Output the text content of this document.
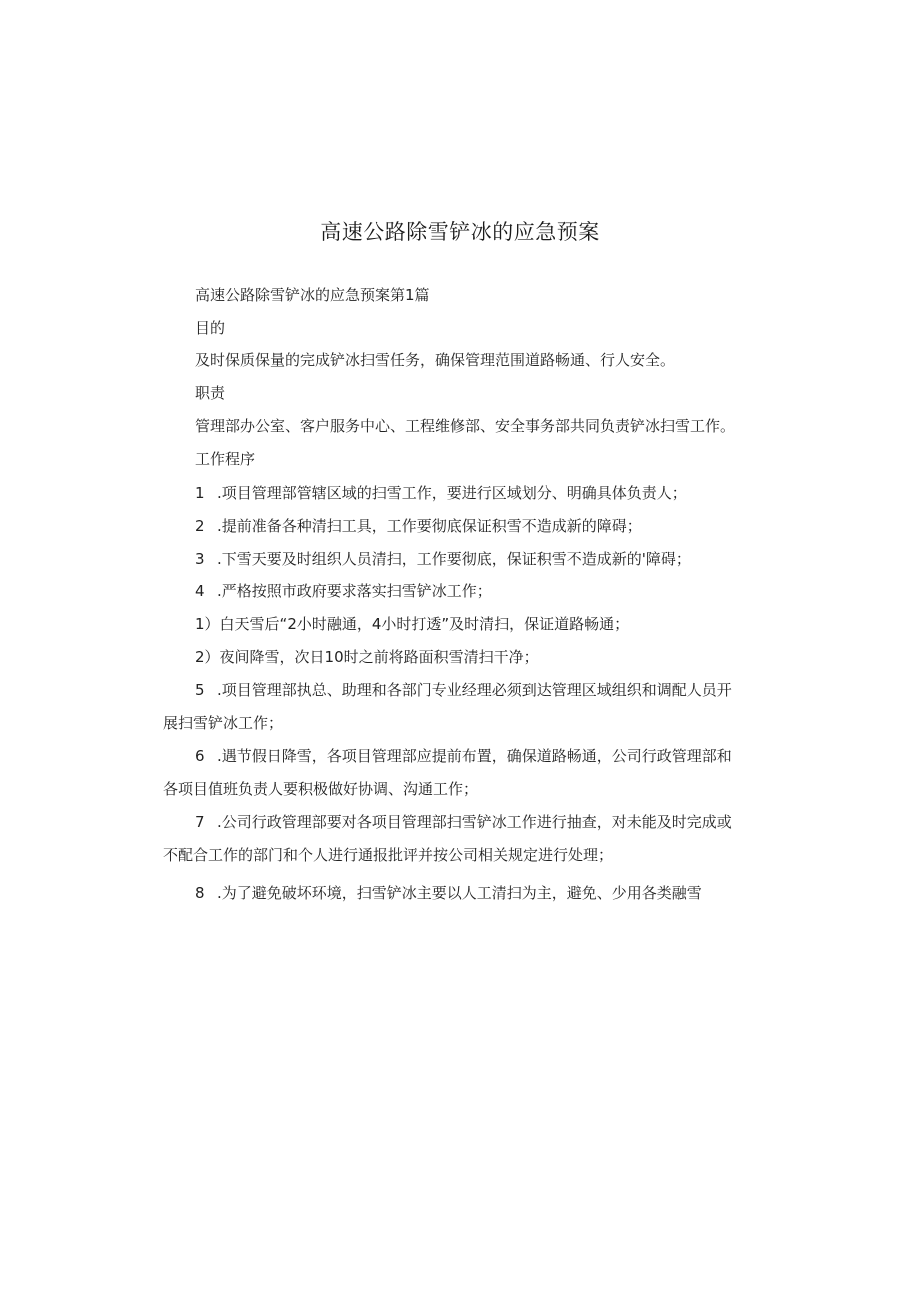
高速公路除雪铲冰的应急预案
高速公路除雪铲冰的应急预案第1篇
目的
及时保质保量的完成铲冰扫雪任务，确保管理范围道路畅通、行人安全。
职责
管理部办公室、客户服务中心、工程维修部、安全事务部共同负责铲冰扫雪工作。
工作程序
1 .项目管理部管辖区域的扫雪工作，要进行区域划分、明确具体负责人；
2 .提前准备各种清扫工具，工作要彻底保证积雪不造成新的障碍；
3 .下雪天要及时组织人员清扫，工作要彻底，保证积雪不造成新的'障碍；
4 .严格按照市政府要求落实扫雪铲冰工作；
1）白天雪后“2小时融通，4小时打透”及时清扫，保证道路畅通；
2）夜间降雪，次日10时之前将路面积雪清扫干净；
5 .项目管理部执总、助理和各部门专业经理必须到达管理区域组织和调配人员开
展扫雪铲冰工作；
6 .遇节假日降雪，各项目管理部应提前布置，确保道路畅通，公司行政管理部和
各项目值班负责人要积极做好协调、沟通工作；
7 .公司行政管理部要对各项目管理部扫雪铲冰工作进行抽查，对未能及时完成或
不配合工作的部门和个人进行通报批评并按公司相关规定进行处理；
8 .为了避免破坏环境，扫雪铲冰主要以人工清扫为主，避免、少用各类融雪
